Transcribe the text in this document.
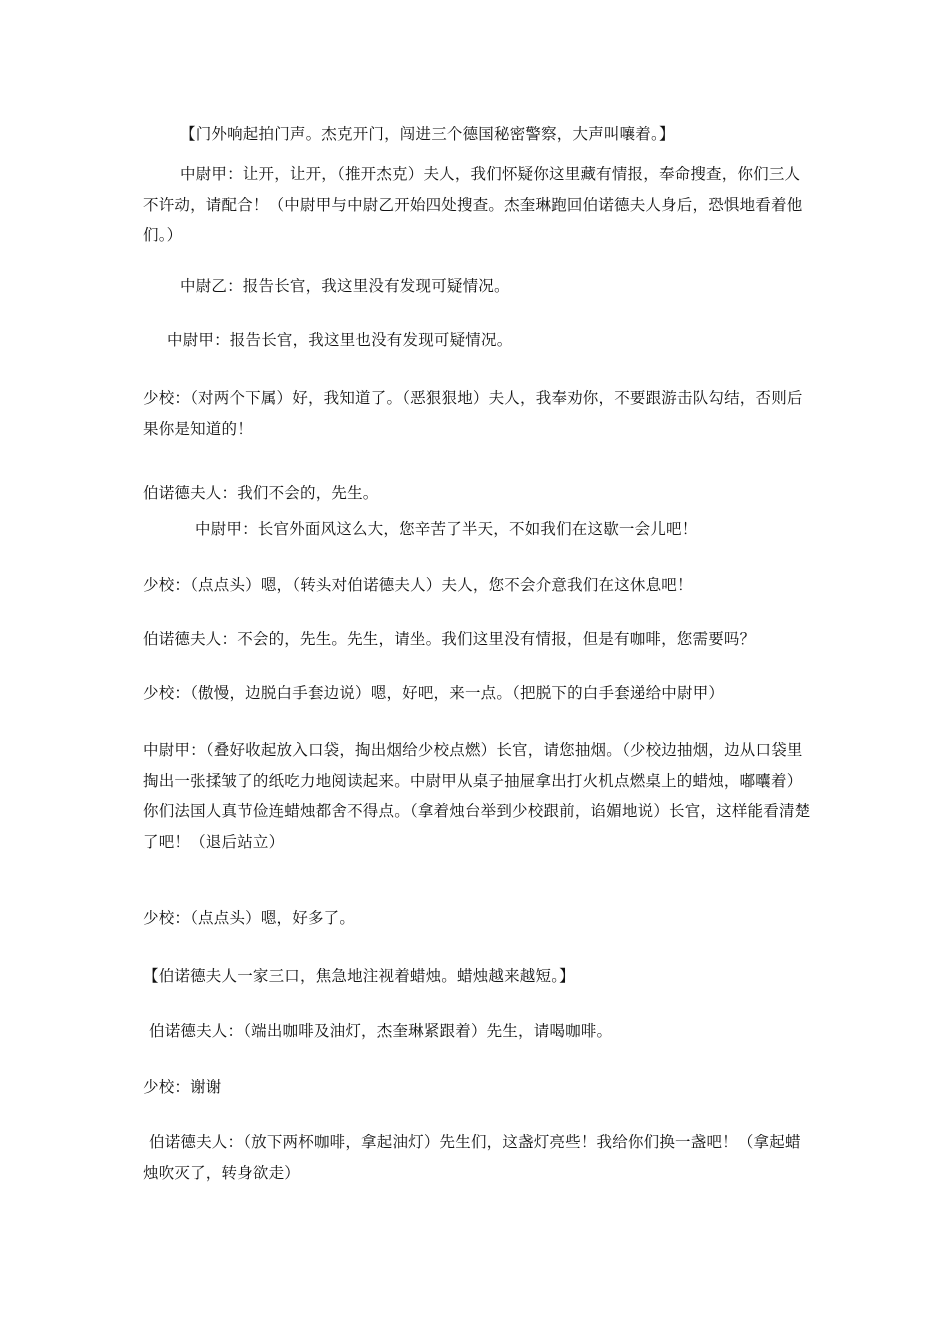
【门外响起拍门声。杰克开门，闯进三个德国秘密警察，大声叫嚷着。】

中尉甲：让开，让开，（推开杰克）夫人，我们怀疑你这里藏有情报，奉命搜查，你们三人不许动，请配合！（中尉甲与中尉乙开始四处搜查。杰奎琳跑回伯诺德夫人身后，恐惧地看着他们。）

中尉乙：报告长官，我这里没有发现可疑情况。

中尉甲：报告长官，我这里也没有发现可疑情况。

少校：（对两个下属）好，我知道了。（恶狠狠地）夫人，我奉劝你，不要跟游击队勾结，否则后果你是知道的！

伯诺德夫人：我们不会的，先生。

中尉甲：长官外面风这么大，您辛苦了半天，不如我们在这歇一会儿吧！

少校：（点点头）嗯，（转头对伯诺德夫人）夫人，您不会介意我们在这休息吧！

伯诺德夫人：不会的，先生。先生，请坐。我们这里没有情报，但是有咖啡，您需要吗？

少校：（傲慢，边脱白手套边说）嗯，好吧，来一点。（把脱下的白手套递给中尉甲）

中尉甲：（叠好收起放入口袋，掏出烟给少校点燃）长官，请您抽烟。（少校边抽烟，边从口袋里掏出一张揉皱了的纸吃力地阅读起来。中尉甲从桌子抽屉拿出打火机点燃桌上的蜡烛，嘟囔着）你们法国人真节俭连蜡烛都舍不得点。（拿着烛台举到少校跟前，谄媚地说）长官，这样能看清楚了吧！（退后站立）

少校：（点点头）嗯，好多了。

【伯诺德夫人一家三口，焦急地注视着蜡烛。蜡烛越来越短。】

伯诺德夫人：（端出咖啡及油灯，杰奎琳紧跟着）先生，请喝咖啡。

少校：谢谢

伯诺德夫人：（放下两杯咖啡，拿起油灯）先生们，这盏灯亮些！我给你们换一盏吧！（拿起蜡烛吹灭了，转身欲走）
